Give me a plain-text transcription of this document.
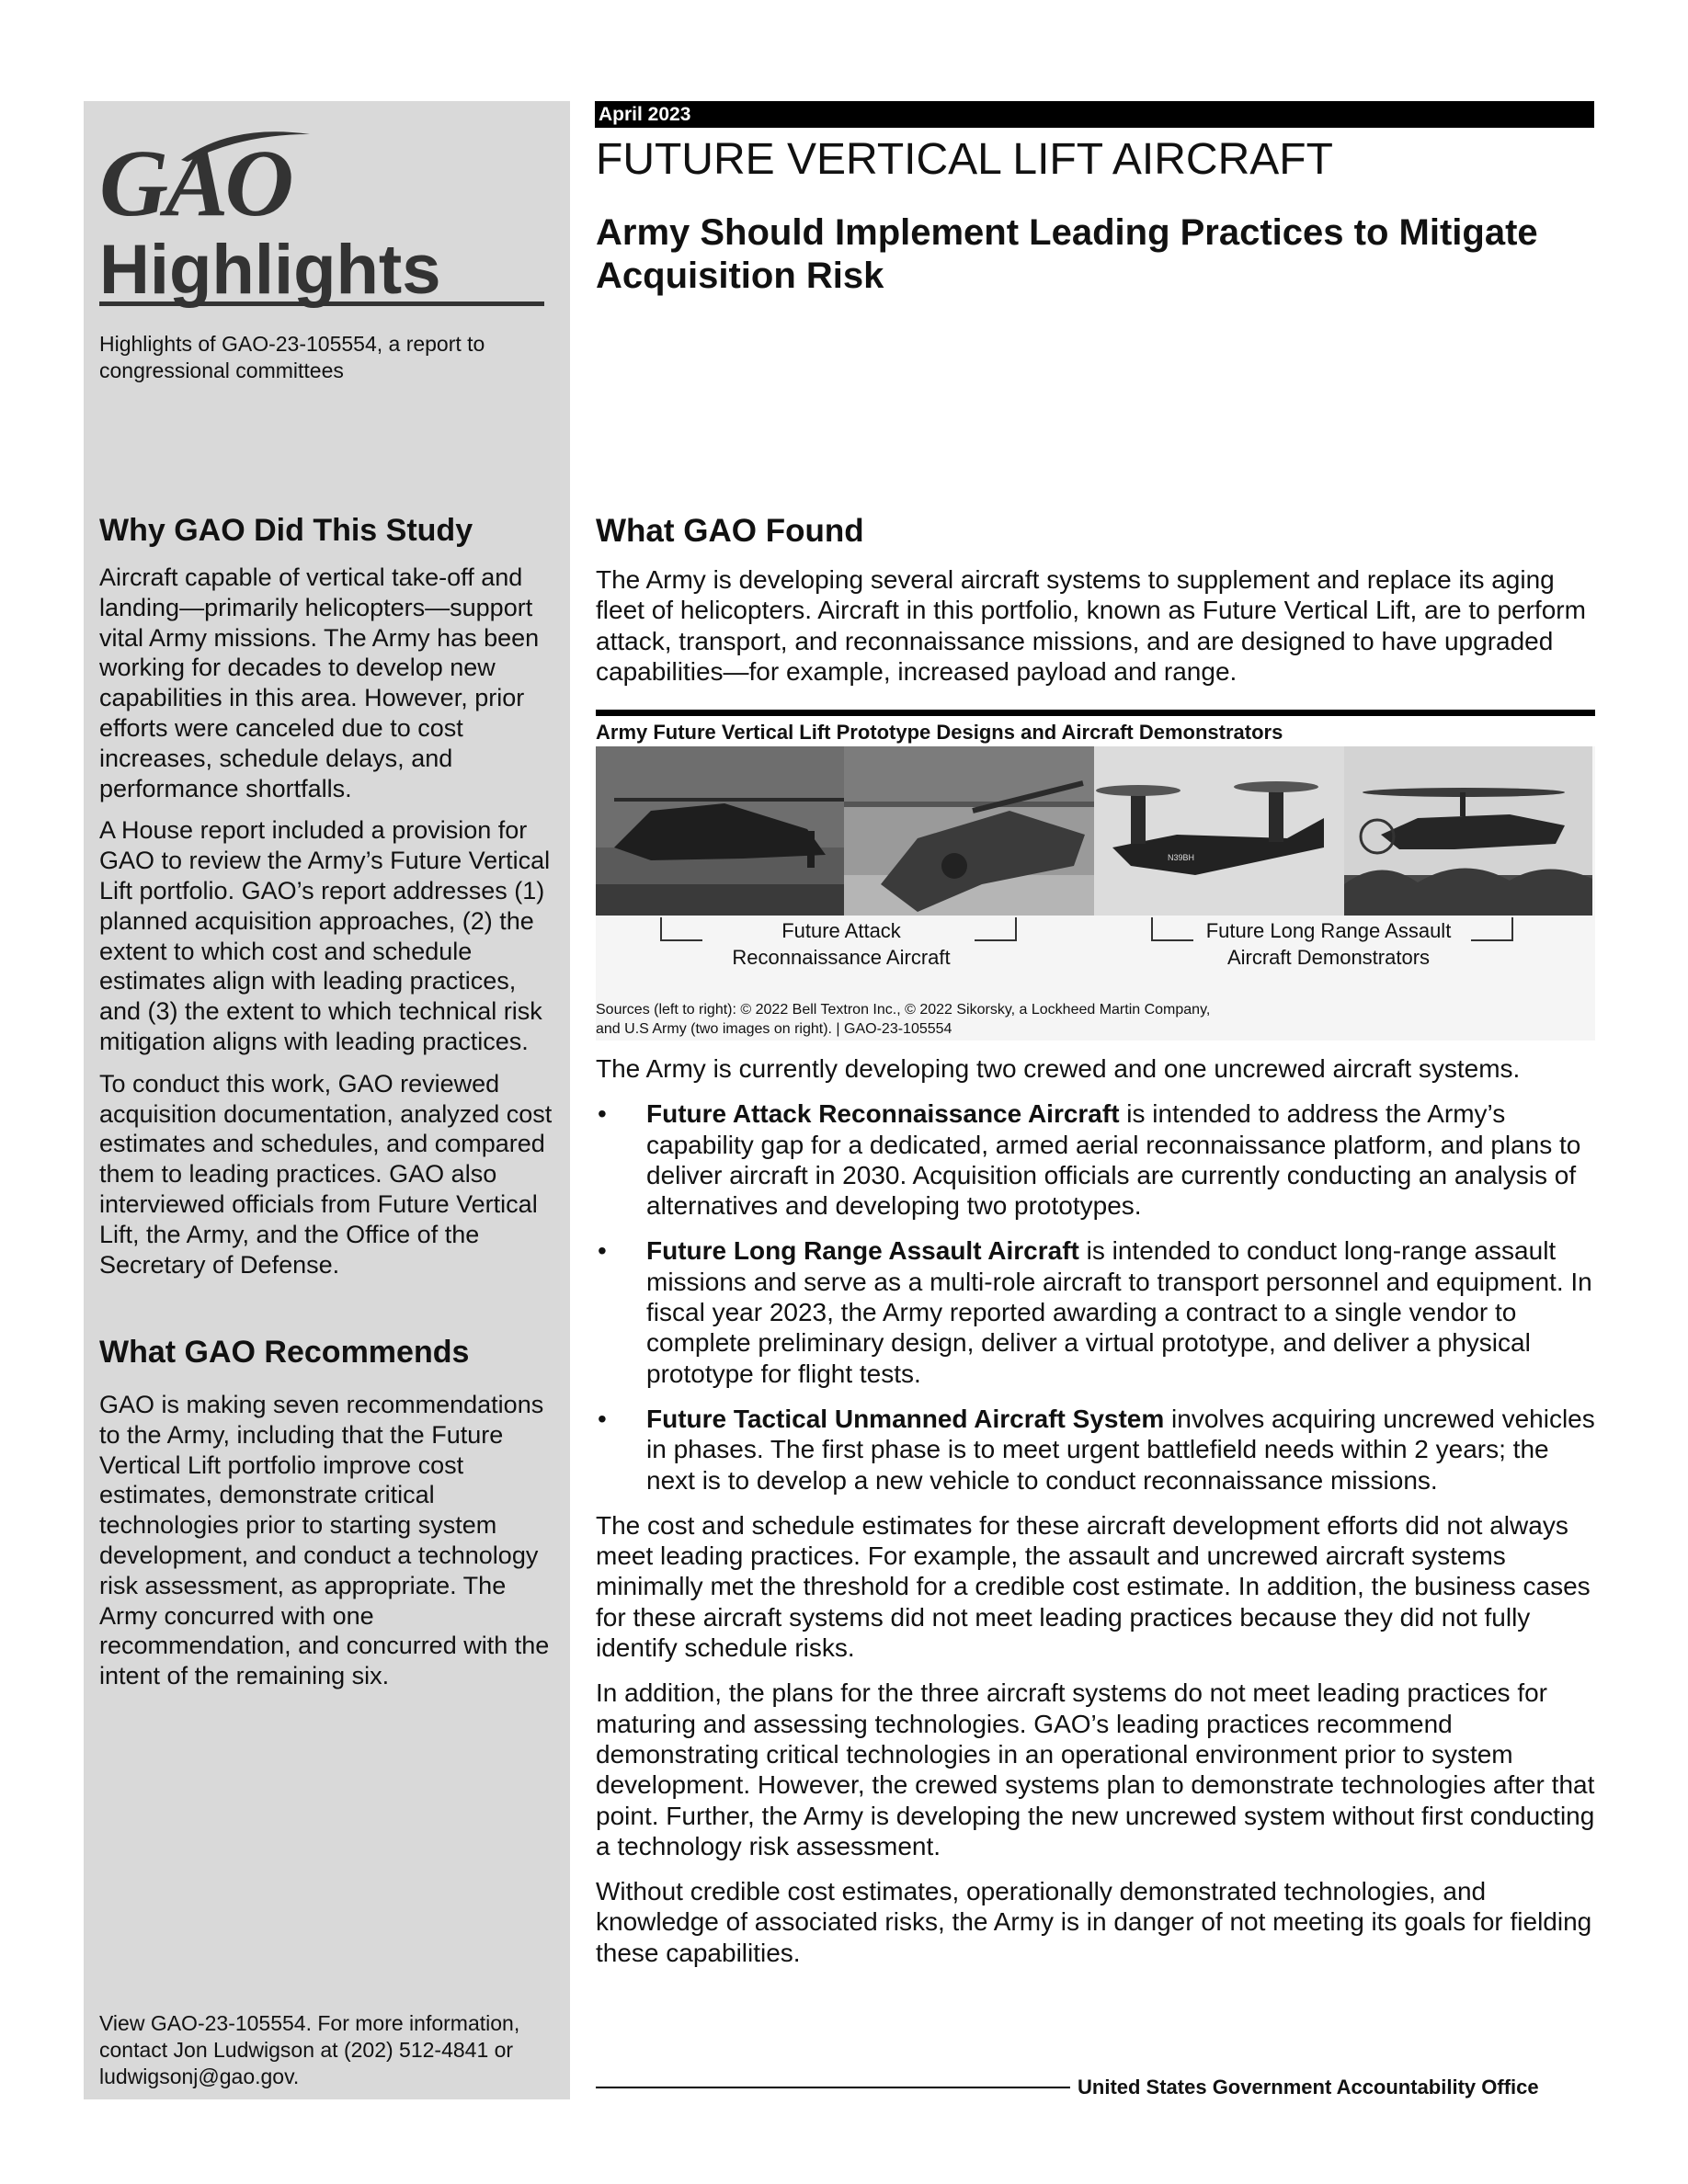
GAO
Highlights
Highlights of GAO-23-105554, a report to congressional committees
Why GAO Did This Study

Aircraft capable of vertical take-off and landing—primarily helicopters—support vital Army missions. The Army has been working for decades to develop new capabilities in this area. However, prior efforts were canceled due to cost increases, schedule delays, and performance shortfalls.

A House report included a provision for GAO to review the Army’s Future Vertical Lift portfolio. GAO’s report addresses (1) planned acquisition approaches, (2) the extent to which cost and schedule estimates align with leading practices, and (3) the extent to which technical risk mitigation aligns with leading practices.

To conduct this work, GAO reviewed acquisition documentation, analyzed cost estimates and schedules, and compared them to leading practices. GAO also interviewed officials from Future Vertical Lift, the Army, and the Office of the Secretary of Defense.

What GAO Recommends

GAO is making seven recommendations to the Army, including that the Future Vertical Lift portfolio improve cost estimates, demonstrate critical technologies prior to starting system development, and conduct a technology risk assessment, as appropriate. The Army concurred with one recommendation, and concurred with the intent of the remaining six.

View GAO-23-105554. For more information, contact Jon Ludwigson at (202) 512-4841 or ludwigsonj@gao.gov.
April 2023
FUTURE VERTICAL LIFT AIRCRAFT
Army Should Implement Leading Practices to Mitigate Acquisition Risk
What GAO Found

The Army is developing several aircraft systems to supplement and replace its aging fleet of helicopters. Aircraft in this portfolio, known as Future Vertical Lift, are to perform attack, transport, and reconnaissance missions, and are designed to have upgraded capabilities—for example, increased payload and range.

Army Future Vertical Lift Prototype Designs and Aircraft Demonstrators
N39BH
Future Attack
Reconnaissance Aircraft
Future Long Range Assault
Aircraft Demonstrators
Sources (left to right): © 2022 Bell Textron Inc., © 2022 Sikorsky, a Lockheed Martin Company,
and U.S Army (two images on right). | GAO-23-105554

The Army is currently developing two crewed and one uncrewed aircraft systems.

•	Future Attack Reconnaissance Aircraft is intended to address the Army’s capability gap for a dedicated, armed aerial reconnaissance platform, and plans to deliver aircraft in 2030. Acquisition officials are currently conducting an analysis of alternatives and developing two prototypes.
•	Future Long Range Assault Aircraft is intended to conduct long-range assault missions and serve as a multi-role aircraft to transport personnel and equipment. In fiscal year 2023, the Army reported awarding a contract to a single vendor to complete preliminary design, deliver a virtual prototype, and deliver a physical prototype for flight tests.
•	Future Tactical Unmanned Aircraft System involves acquiring uncrewed vehicles in phases. The first phase is to meet urgent battlefield needs within 2 years; the next is to develop a new vehicle to conduct reconnaissance missions.

The cost and schedule estimates for these aircraft development efforts did not always meet leading practices. For example, the assault and uncrewed aircraft systems minimally met the threshold for a credible cost estimate. In addition, the business cases for these aircraft systems did not meet leading practices because they did not fully identify schedule risks.

In addition, the plans for the three aircraft systems do not meet leading practices for maturing and assessing technologies. GAO’s leading practices recommend demonstrating critical technologies in an operational environment prior to system development. However, the crewed systems plan to demonstrate technologies after that point. Further, the Army is developing the new uncrewed system without first conducting a technology risk assessment.

Without credible cost estimates, operationally demonstrated technologies, and knowledge of associated risks, the Army is in danger of not meeting its goals for fielding these capabilities.

United States Government Accountability Office
